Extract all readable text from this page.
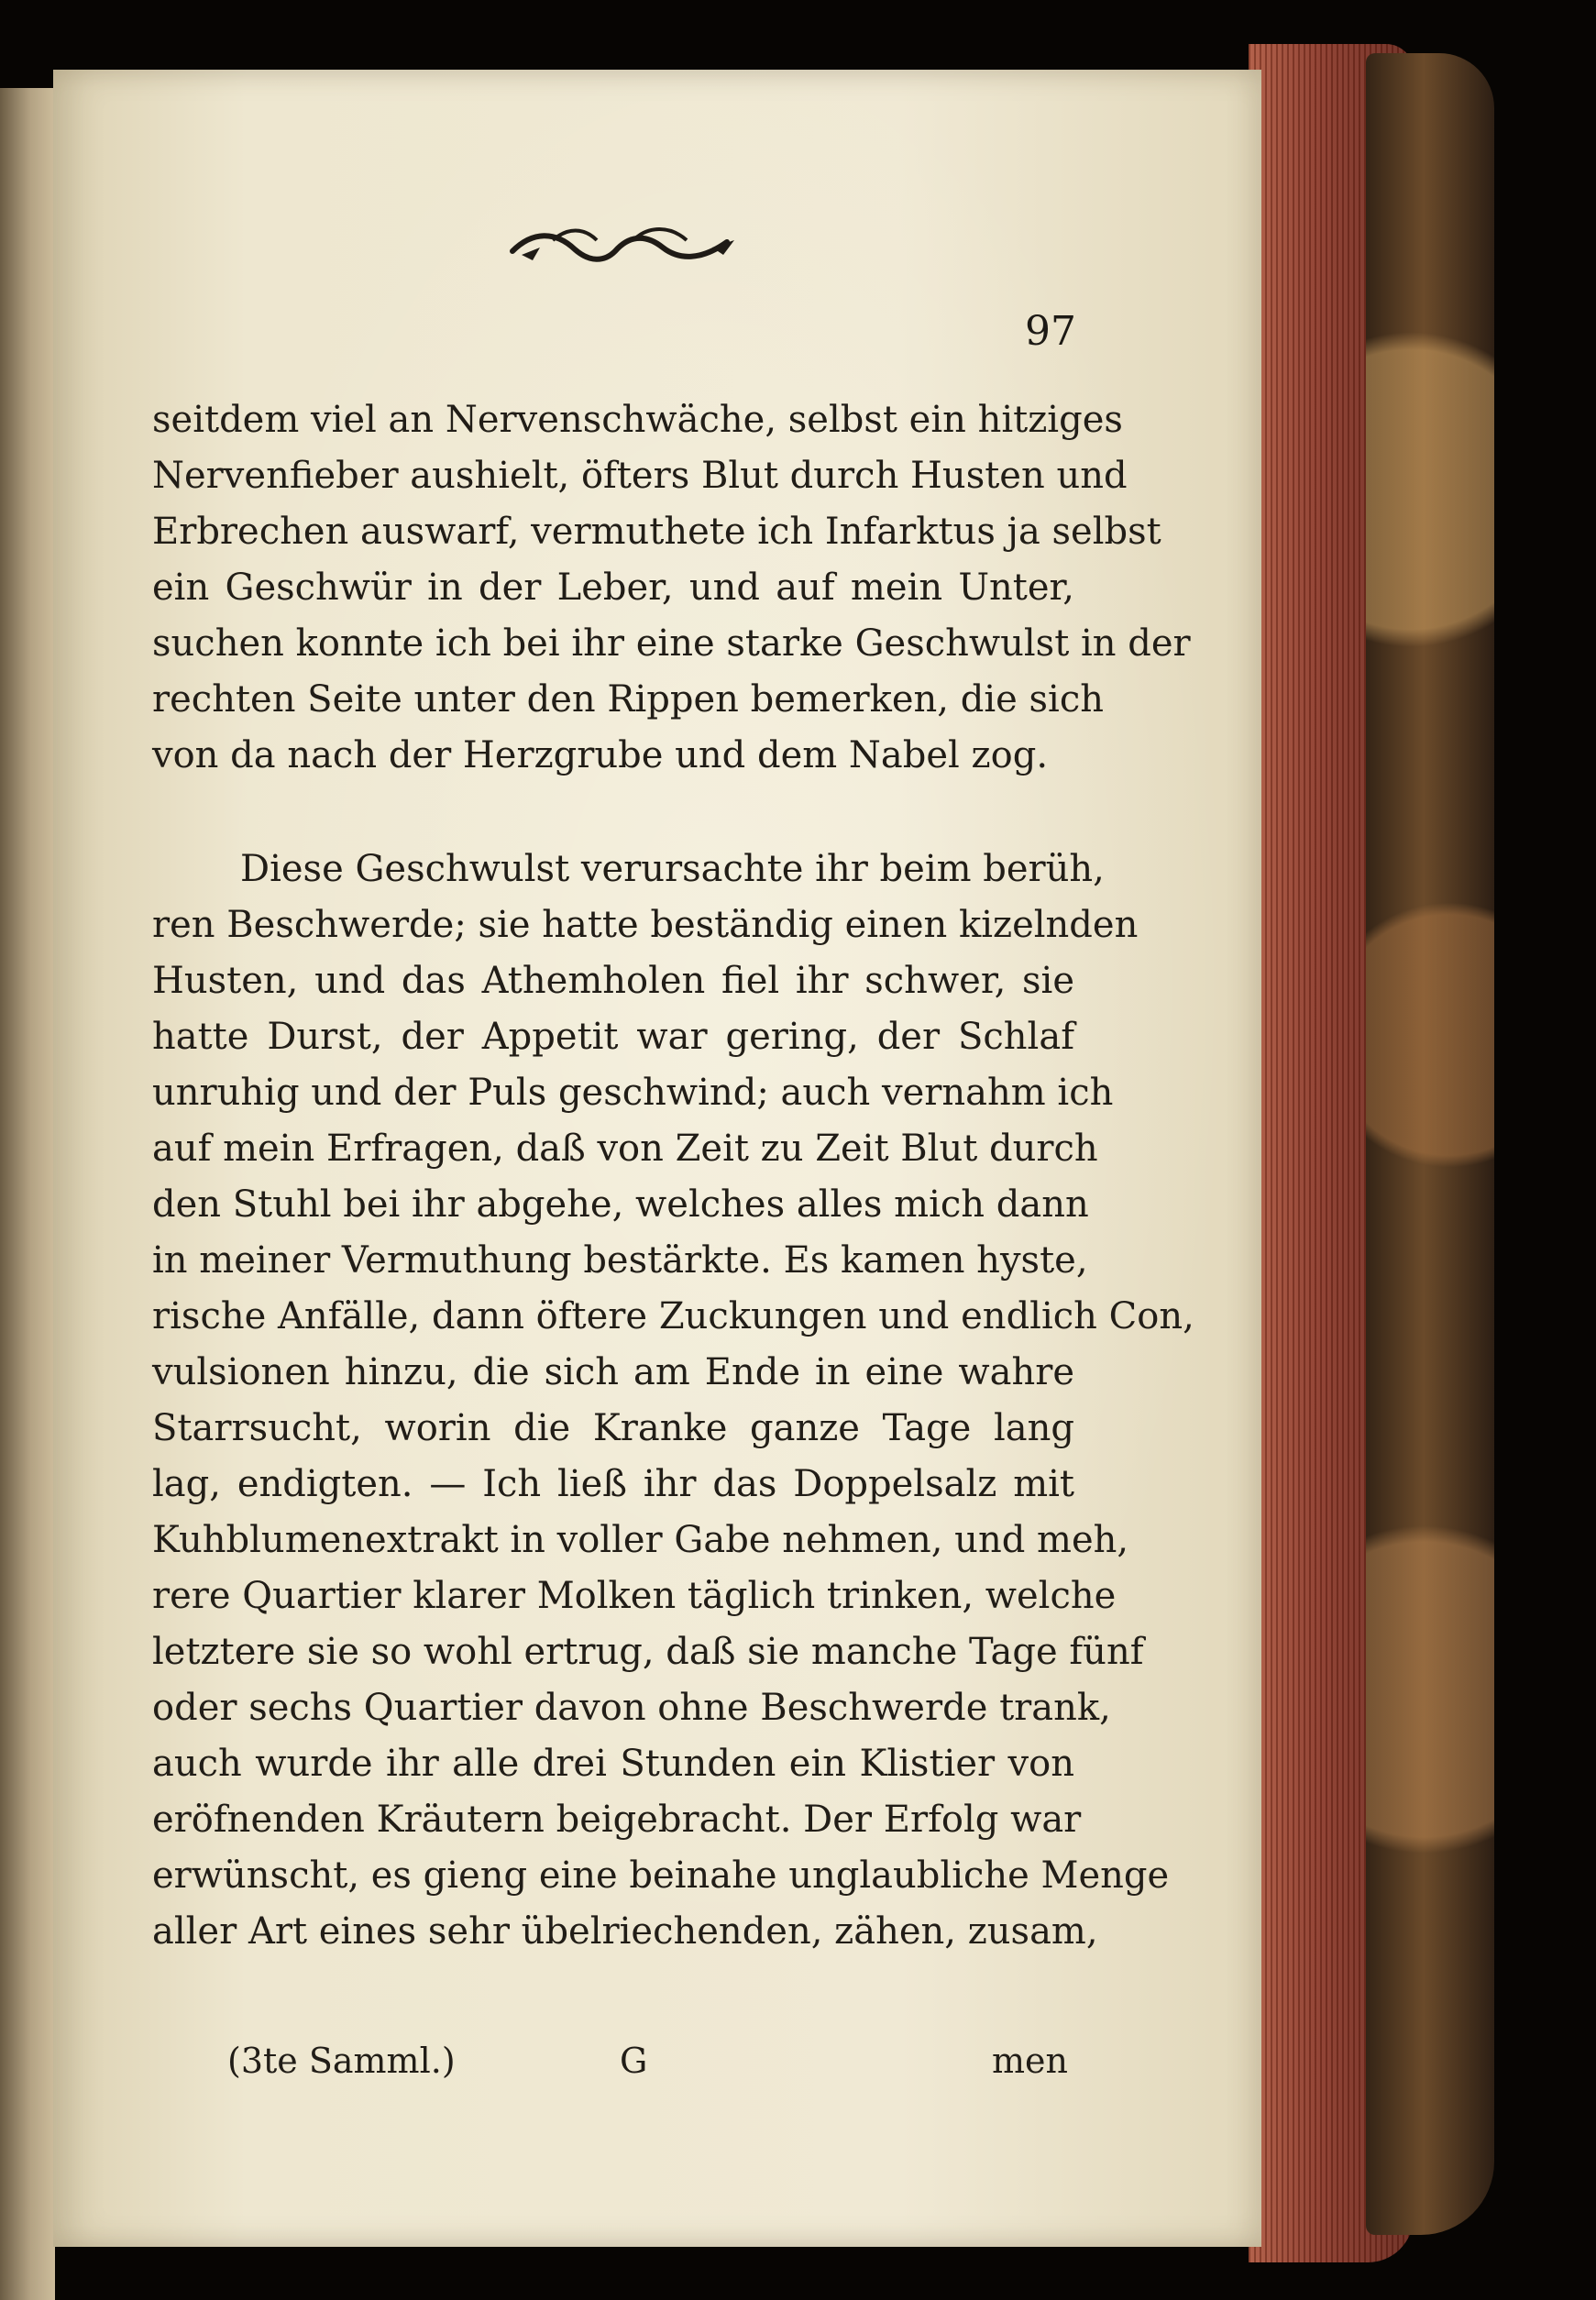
97
seitdem viel an Nervenschwäche, selbst ein hitziges
Nervenfieber aushielt, öfters Blut durch Husten und
Erbrechen auswarf, vermuthete ich Infarktus ja selbst
ein Geschwür in der Leber, und auf mein Unter,
suchen konnte ich bei ihr eine starke Geschwulst in der
rechten Seite unter den Rippen bemerken, die sich
von da nach der Herzgrube und dem Nabel zog.
Diese Geschwulst verursachte ihr beim berüh,
ren Beschwerde; sie hatte beständig einen kizelnden
Husten, und das Athemholen fiel ihr schwer, sie
hatte Durst, der Appetit war gering, der Schlaf
unruhig und der Puls geschwind; auch vernahm ich
auf mein Erfragen, daß von Zeit zu Zeit Blut durch
den Stuhl bei ihr abgehe, welches alles mich dann
in meiner Vermuthung bestärkte. Es kamen hyste,
rische Anfälle, dann öftere Zuckungen und endlich Con,
vulsionen hinzu, die sich am Ende in eine wahre
Starrsucht, worin die Kranke ganze Tage lang
lag, endigten. — Ich ließ ihr das Doppelsalz mit
Kuhblumenextrakt in voller Gabe nehmen, und meh,
rere Quartier klarer Molken täglich trinken, welche
letztere sie so wohl ertrug, daß sie manche Tage fünf
oder sechs Quartier davon ohne Beschwerde trank,
auch wurde ihr alle drei Stunden ein Klistier von
eröfnenden Kräutern beigebracht. Der Erfolg war
erwünscht, es gieng eine beinahe unglaubliche Menge
aller Art eines sehr übelriechenden, zähen, zusam,
(3te Samml.)	G	men
